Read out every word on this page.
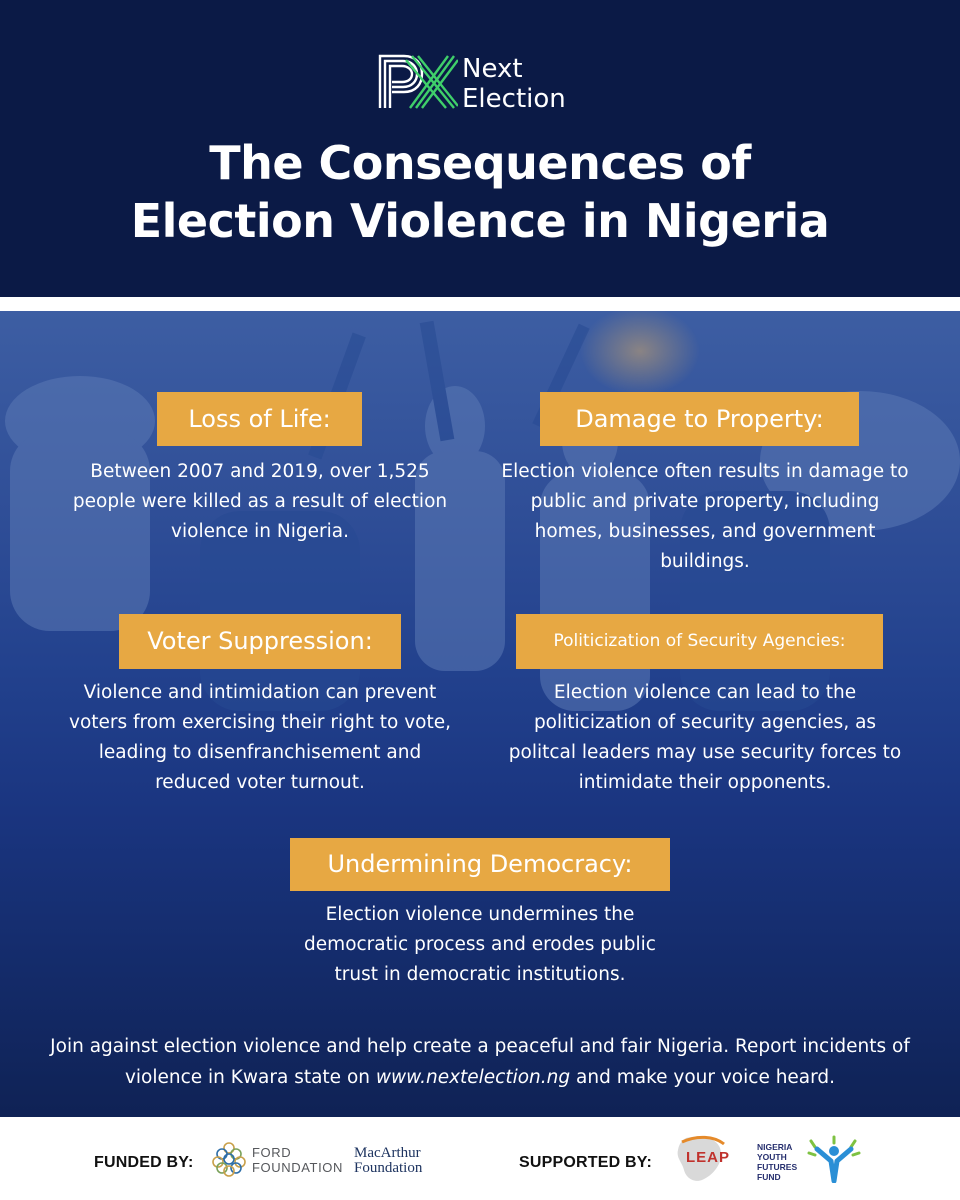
Next
Election
The Consequences of
Election Violence in Nigeria
Loss of Life:
Between 2007 and 2019, over 1,525
people were killed as a result of election
violence in Nigeria.
Damage to Property:
Election violence often results in damage to
public and private property, including
homes, businesses, and government
buildings.
Voter Suppression:
Violence and intimidation can prevent
voters from exercising their right to vote,
leading to disenfranchisement and
reduced voter turnout.
Politicization of Security Agencies:
Election violence can lead to the
politicization of security agencies, as
politcal leaders may use security forces to
intimidate their opponents.
Undermining Democracy:
Election violence undermines the
democratic process and erodes public
trust in democratic institutions.
Join against election violence and help create a peaceful and fair Nigeria. Report incidents of
violence in Kwara state on www.nextelection.ng and make your voice heard.
FUNDED BY:
FORD
FOUNDATION
MacArthur
Foundation	SUPPORTED BY: LEAP
NIGERIA
YOUTH
FUTURES
FUND
